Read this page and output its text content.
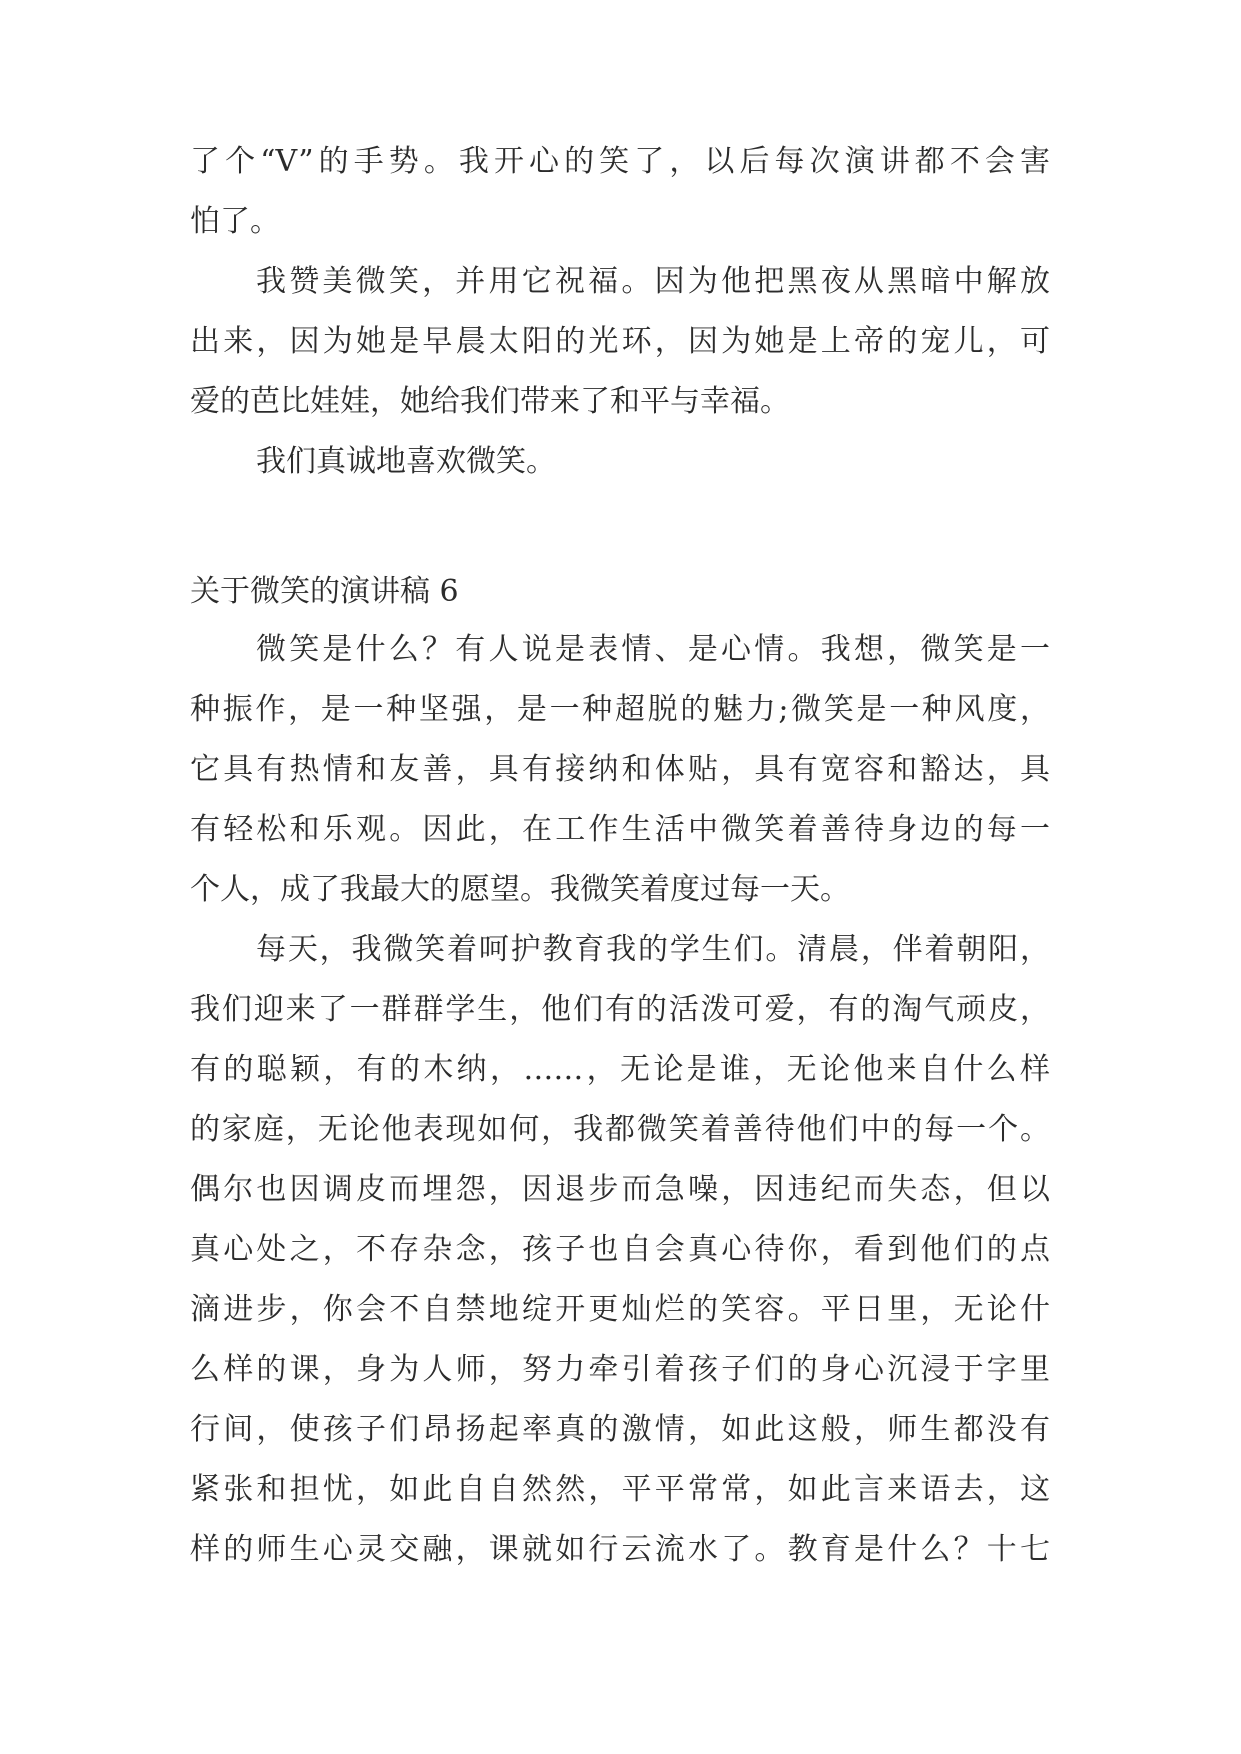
了个“V”的手势。我开心的笑了，以后每次演讲都不会害
怕了。
我赞美微笑，并用它祝福。因为他把黑夜从黑暗中解放
出来，因为她是早晨太阳的光环，因为她是上帝的宠儿，可
爱的芭比娃娃，她给我们带来了和平与幸福。
我们真诚地喜欢微笑。
关于微笑的演讲稿 6
微笑是什么？有人说是表情、是心情。我想，微笑是一
种振作，是一种坚强，是一种超脱的魅力;微笑是一种风度，
它具有热情和友善，具有接纳和体贴，具有宽容和豁达，具
有轻松和乐观。因此，在工作生活中微笑着善待身边的每一
个人，成了我最大的愿望。我微笑着度过每一天。
每天，我微笑着呵护教育我的学生们。清晨，伴着朝阳，
我们迎来了一群群学生，他们有的活泼可爱，有的淘气顽皮，
有的聪颖，有的木纳，……，无论是谁，无论他来自什么样
的家庭，无论他表现如何，我都微笑着善待他们中的每一个。
偶尔也因调皮而埋怨，因退步而急噪，因违纪而失态，但以
真心处之，不存杂念，孩子也自会真心待你，看到他们的点
滴进步，你会不自禁地绽开更灿烂的笑容。平日里，无论什
么样的课，身为人师，努力牵引着孩子们的身心沉浸于字里
行间，使孩子们昂扬起率真的激情，如此这般，师生都没有
紧张和担忧，如此自自然然，平平常常，如此言来语去，这
样的师生心灵交融，课就如行云流水了。教育是什么？十七
